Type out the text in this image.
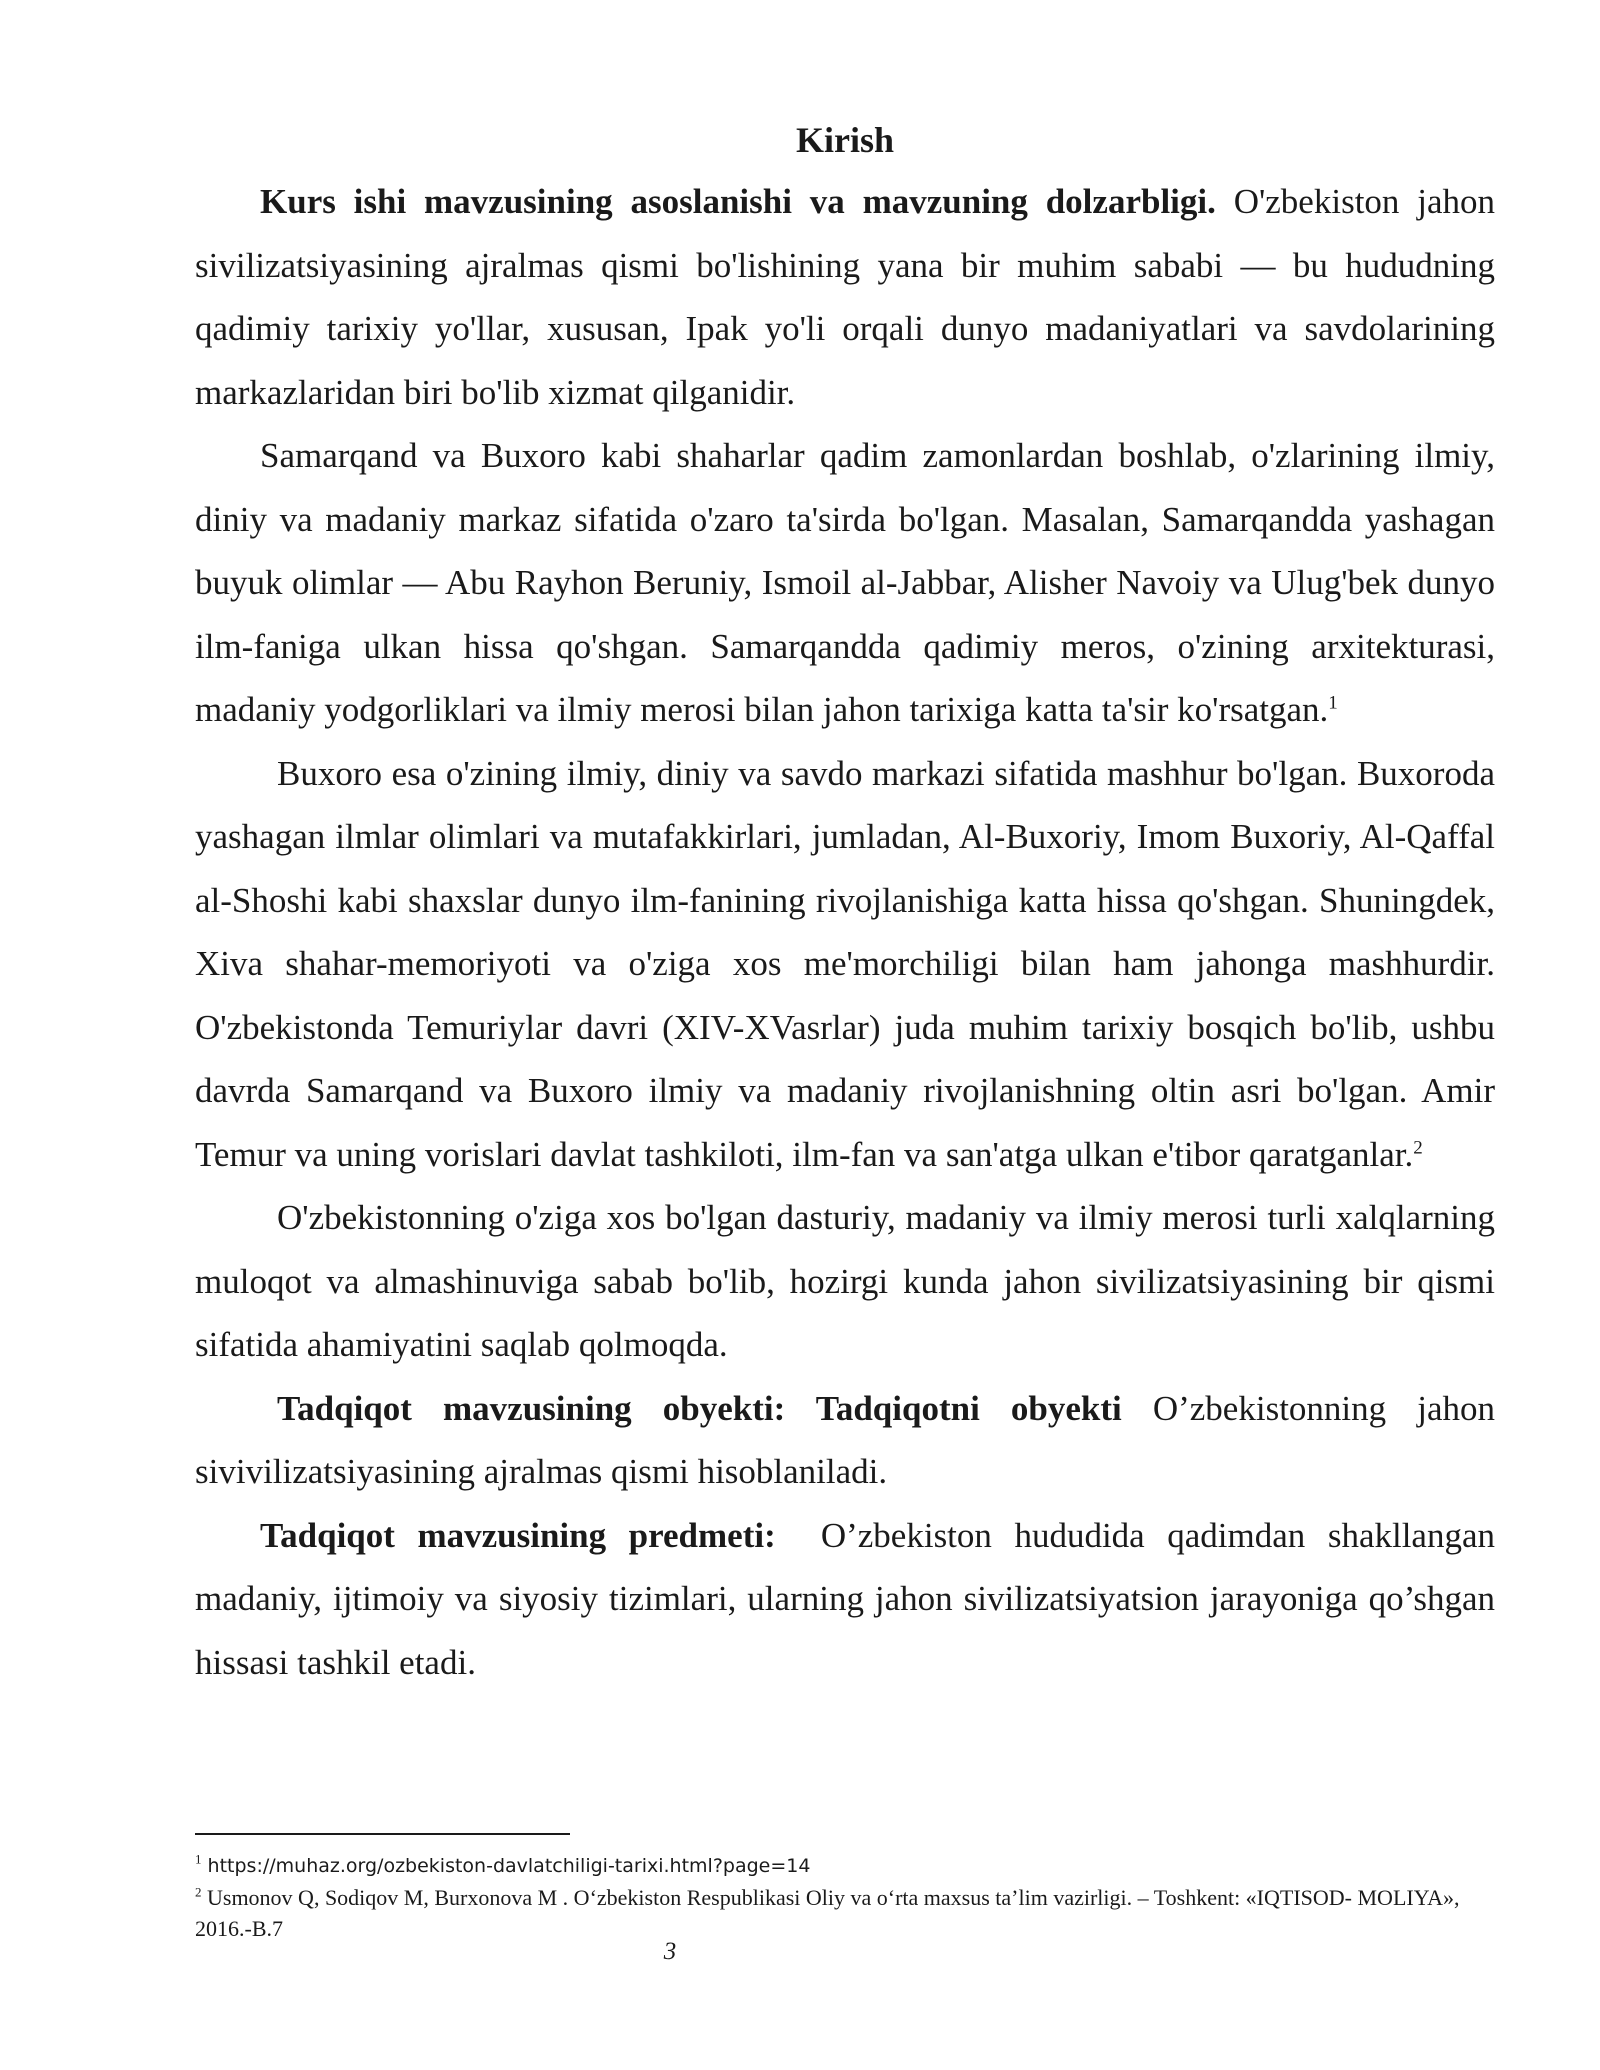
Kirish

Kurs ishi mavzusining asoslanishi va mavzuning dolzarbligi. O'zbekiston jahon sivilizatsiyasining ajralmas qismi bo'lishining yana bir muhim sababi — bu hududning qadimiy tarixiy yo'llar, xususan, Ipak yo'li orqali dunyo madaniyatlari va savdolarining markazlaridan biri bo'lib xizmat qilganidir.

Samarqand va Buxoro kabi shaharlar qadim zamonlardan boshlab, o'zlarining ilmiy, diniy va madaniy markaz sifatida o'zaro ta'sirda bo'lgan. Masalan, Samarqandda yashagan buyuk olimlar — Abu Rayhon Beruniy, Ismoil al-Jabbar, Alisher Navoiy va Ulug'bek dunyo ilm-faniga ulkan hissa qo'shgan. Samarqandda qadimiy meros, o'zining arxitekturasi, madaniy yodgorliklari va ilmiy merosi bilan jahon tarixiga katta ta'sir ko'rsatgan.$^1$

Buxoro esa o'zining ilmiy, diniy va savdo markazi sifatida mashhur bo'lgan. Buxoroda yashagan ilmlar olimlari va mutafakkirlari, jumladan, Al-Buxoriy, Imom Buxoriy, Al-Qaffal al-Shoshi kabi shaxslar dunyo ilm-fanining rivojlanishiga katta hissa qo'shgan. Shuningdek, Xiva shahar-memoriyoti va o'ziga xos me'morchiligi bilan ham jahonga mashhurdir. O'zbekistonda Temuriylar davri (XIV-XVasrlar) juda muhim tarixiy bosqich bo'lib, ushbu davrda Samarqand va Buxoro ilmiy va madaniy rivojlanishning oltin asri bo'lgan. Amir Temur va uning vorislari davlat tashkiloti, ilm-fan va san'atga ulkan e'tibor qaratganlar.$^2$

O'zbekistonning o'ziga xos bo'lgan dasturiy, madaniy va ilmiy merosi turli xalqlarning muloqot va almashinuviga sabab bo'lib, hozirgi kunda jahon sivilizatsiyasining bir qismi sifatida ahamiyatini saqlab qolmoqda.

Tadqiqot mavzusining obyekti: Tadqiqotni obyekti O’zbekistonning jahon sivivilizatsiyasining ajralmas qismi hisoblaniladi.

Tadqiqot mavzusining predmeti:  O’zbekiston hududida qadimdan shakllangan madaniy, ijtimoiy va siyosiy tizimlari, ularning jahon sivilizatsiyatsion jarayoniga qo’shgan hissasi tashkil etadi.

$^1$ https://muhaz.org/ozbekiston-davlatchiligi-tarixi.html?page=14

$^2$ Usmonov Q, Sodiqov M, Burxonova M . O‘zbekiston Respublikasi Oliy va o‘rta maxsus ta’lim vazirligi. – Toshkent: «IQTISOD- MOLIYA», 2016.-B.7

3
